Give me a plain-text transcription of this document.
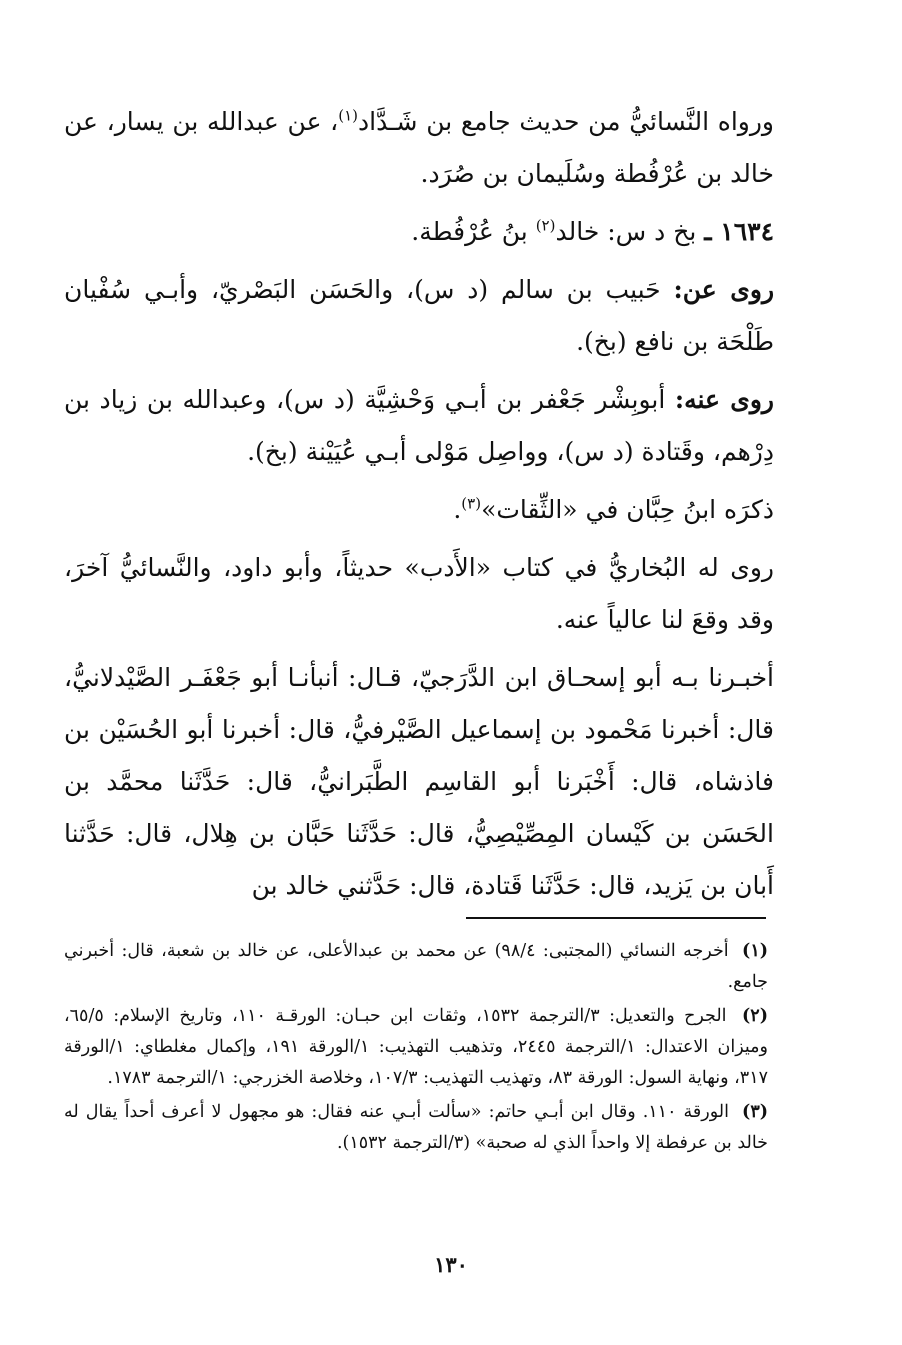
ورواه النَّسائيُّ من حديث جامع بن شَـدَّاد$^{(١)}$، عن عبدالله بن يسار، عن خالد بن عُرْفُطة وسُلَيمان بن صُرَد.

١٦٣٤ ـ بخ د س: خالد$^{(٢)}$ بنُ عُرْفُطة.

روى عن: حَبيب بن سالم (د س)، والحَسَن البَصْريّ، وأبـي سُفْيان طَلْحَة بن نافع (بخ).

روى عنه: أبوبِشْر جَعْفر بن أبـي وَحْشِيَّة (د س)، وعبدالله بن زياد بن دِرْهم، وقَتادة (د س)، وواصِل مَوْلى أبـي عُيَيْنة (بخ).

ذكرَه ابنُ حِبَّان في «الثِّقات»$^{(٣)}$.

روى له البُخاريُّ في كتاب «الأَدب» حديثاً، وأبو داود، والنَّسائيُّ آخرَ، وقد وقعَ لنا عالياً عنه.

أخبـرنا بـه أبو إسحـاق ابن الدَّرَجيّ، قـال: أنبأنـا أبو جَعْفَـر الصَّيْدلانيُّ، قال: أخبرنا مَحْمود بن إسماعيل الصَّيْرفيُّ، قال: أخبرنا أبو الحُسَيْن بن فاذشاه، قال: أَخْبَرنا أبو القاسِم الطَّبَرانيُّ، قال: حَدَّثَنا محمَّد بن الحَسَن بن كَيْسان المِصِّيْصِيُّ، قال: حَدَّثَنا حَبَّان بن هِلال، قال: حَدَّثنا أَبان بن يَزيد، قال: حَدَّثَنا قَتادة، قال: حَدَّثني خالد بن

(١) أخرجه النسائي (المجتبى: ٩٨/٤) عن محمد بن عبدالأعلى، عن خالد بن شعبة، قال: أخبرني جامع.

(٢) الجرح والتعديل: ٣/الترجمة ١٥٣٢، وثقات ابن حبـان: الورقـة ١١٠، وتاريخ الإسلام: ٦٥/٥، وميزان الاعتدال: ١/الترجمة ٢٤٤٥، وتذهيب التهذيب: ١/الورقة ١٩١، وإكمال مغلطاي: ١/الورقة ٣١٧، ونهاية السول: الورقة ٨٣، وتهذيب التهذيب: ١٠٧/٣، وخلاصة الخزرجي: ١/الترجمة ١٧٨٣.

(٣) الورقة ١١٠. وقال ابن أبـي حاتم: «سألت أبـي عنه فقال: هو مجهول لا أعرف أحداً يقال له خالد بن عرفطة إلا واحداً الذي له صحبة» (٣/الترجمة ١٥٣٢).

١٣٠
